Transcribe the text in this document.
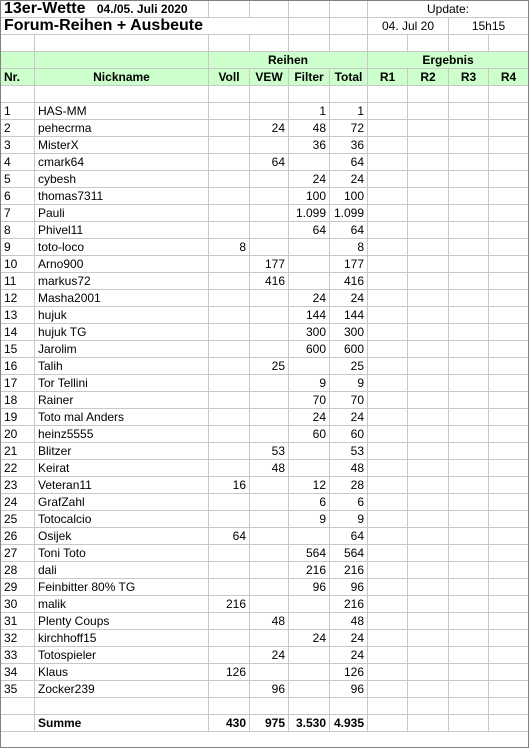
13er-Wette 04./05. Juli 2020						Update:			
Forum-Reihen + Ausbeute						04. Jul 20		15h15	

		Reihen				Ergebnis			
Nr.	Nickname	Voll	VEW	Filter	Total	R1	R2	R3	R4

1	HAS-MM			1	1				
2	pehecrma		24	48	72				
3	MisterX			36	36				
4	cmark64		64		64				
5	cybesh			24	24				
6	thomas7311			100	100				
7	Pauli			1.099	1.099				
8	Phivel11			64	64				
9	toto-loco	8			8				
10	Arno900		177		177				
11	markus72		416		416				
12	Masha2001			24	24				
13	hujuk			144	144				
14	hujuk TG			300	300				
15	Jarolim			600	600				
16	Talih		25		25				
17	Tor Tellini			9	9				
18	Rainer			70	70				
19	Toto mal Anders			24	24				
20	heinz5555			60	60				
21	Blitzer		53		53				
22	Keirat		48		48				
23	Veteran11	16		12	28				
24	GrafZahl			6	6				
25	Totocalcio			9	9				
26	Osijek	64			64				
27	Toni Toto			564	564				
28	dali			216	216				
29	Feinbitter 80% TG			96	96				
30	malik	216			216				
31	Plenty Coups		48		48				
32	kirchhoff15			24	24				
33	Totospieler		24		24				
34	Klaus	126			126				
35	Zocker239		96		96				

	Summe	430	975	3.530	4.935				
